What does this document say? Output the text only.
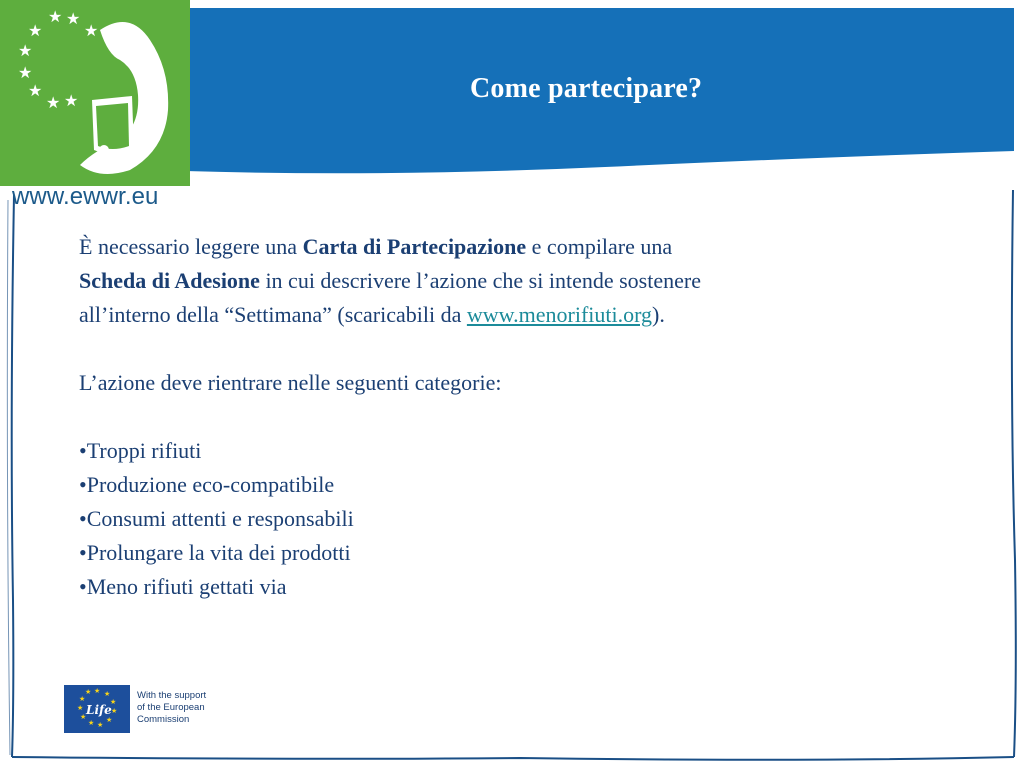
Come partecipare?
★ ★
★	★
★
★
★
★ ★

www.ewwr.eu

È necessario leggere una Carta di Partecipazione e compilare una
Scheda di Adesione in cui descrivere l’azione che si intende sostenere
all’interno della “Settimana” (scaricabili da www.menorifiuti.org).

L’azione deve rientrare nelle seguenti categorie:

•Troppi rifiuti
•Produzione eco-compatibile
•Consumi attenti e responsabili
•Prolungare la vita dei prodotti
•Meno rifiuti gettati via
★ ★
★
★
★
★
★
★
★
★
★
Life
With the support
of the European
Commission
